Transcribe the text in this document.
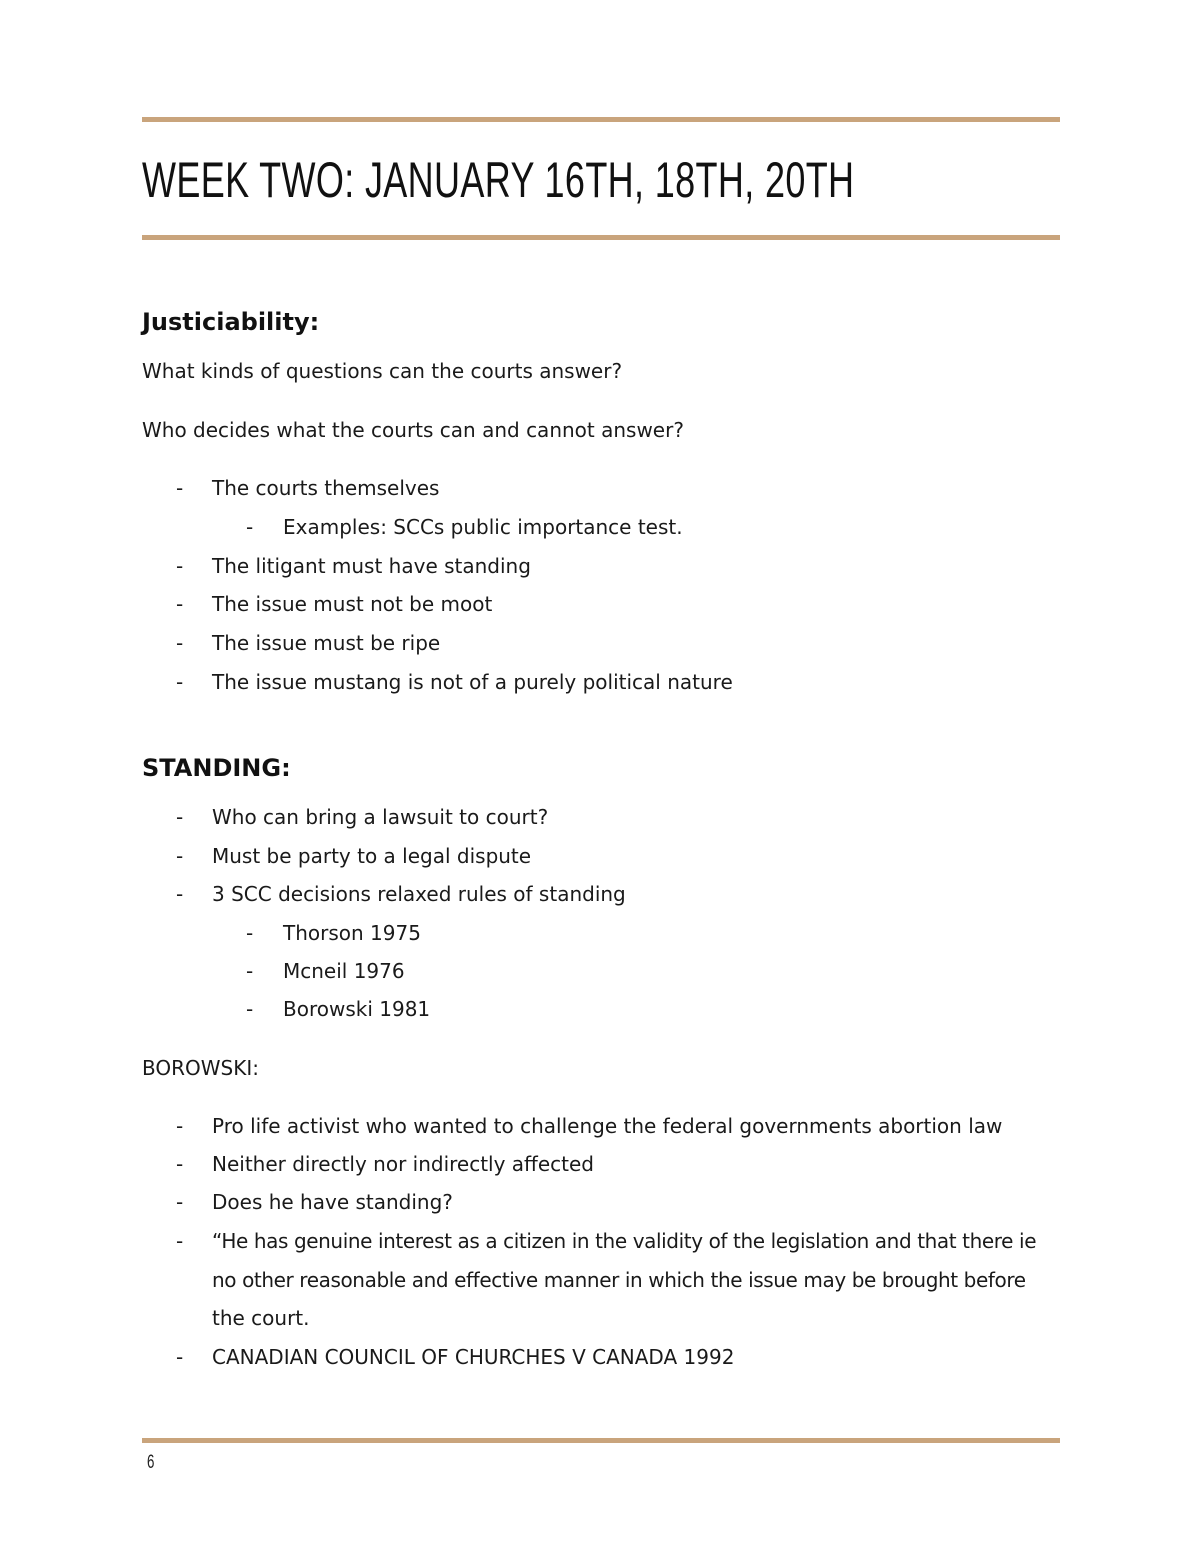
WEEK TWO: JANUARY 16TH, 18TH, 20TH
Justiciability:

What kinds of questions can the courts answer?

Who decides what the courts can and cannot answer?

- The courts themselves
- Examples: SCCs public importance test.
- The litigant must have standing
- The issue must not be moot
- The issue must be ripe
- The issue mustang is not of a purely political nature
STANDING:
- Who can bring a lawsuit to court?
- Must be party to a legal dispute
- 3 SCC decisions relaxed rules of standing
- Thorson 1975
- Mcneil 1976
- Borowski 1981

BOROWSKI:

- Pro life activist who wanted to challenge the federal governments abortion law
- Neither directly nor indirectly affected
- Does he have standing?
- “He has genuine interest as a citizen in the validity of the legislation and that there ie
no other reasonable and effective manner in which the issue may be brought before
the court.
- CANADIAN COUNCIL OF CHURCHES V CANADA 1992
6
